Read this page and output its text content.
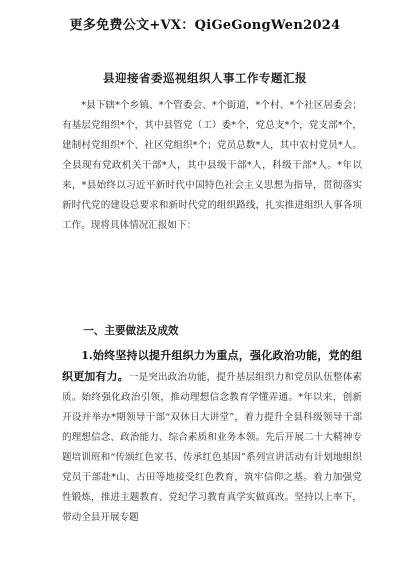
更多免费公文+VX：QiGeGongWen2024
县迎接省委巡视组织人事工作专题汇报

*县下辖*个乡镇、*个管委会、*个街道，*个村、*个社区居委会；有基层党组织*个，其中县管党（工）委*个，党总支*个，党支部*个，建制村党组织*个、社区党组织*个；党员总数*人，其中农村党员*人。全县现有党政机关干部*人，其中县级干部*人，科级干部*人。*年以来，*县始终以习近平新时代中国特色社会主义思想为指导，贯彻落实新时代党的建设总要求和新时代党的组织路线，扎实推进组织人事各项工作。现将具体情况汇报如下：

一、主要做法及成效

1.始终坚持以提升组织力为重点，强化政治功能，党的组织更加有力。一是突出政治功能，提升基层组织力和党员队伍整体素质。始终强化政治引领，推动理想信念教育学懂弄通。*年以来，创新开设并举办*期领导干部“双休日大讲堂”，着力提升全县科级领导干部的理想信念、政治能力、综合素质和业务本领。先后开展二十大精神专题培训班和“传颂红色家书、传承红色基因”系列宣讲活动有计划地组织党员干部赴*山、古田等地接受红色教育，筑牢信仰之基。着力加强党性锻炼，推进主题教育、党纪学习教育真学实做真改。坚持以上率下，带动全县开展专题
